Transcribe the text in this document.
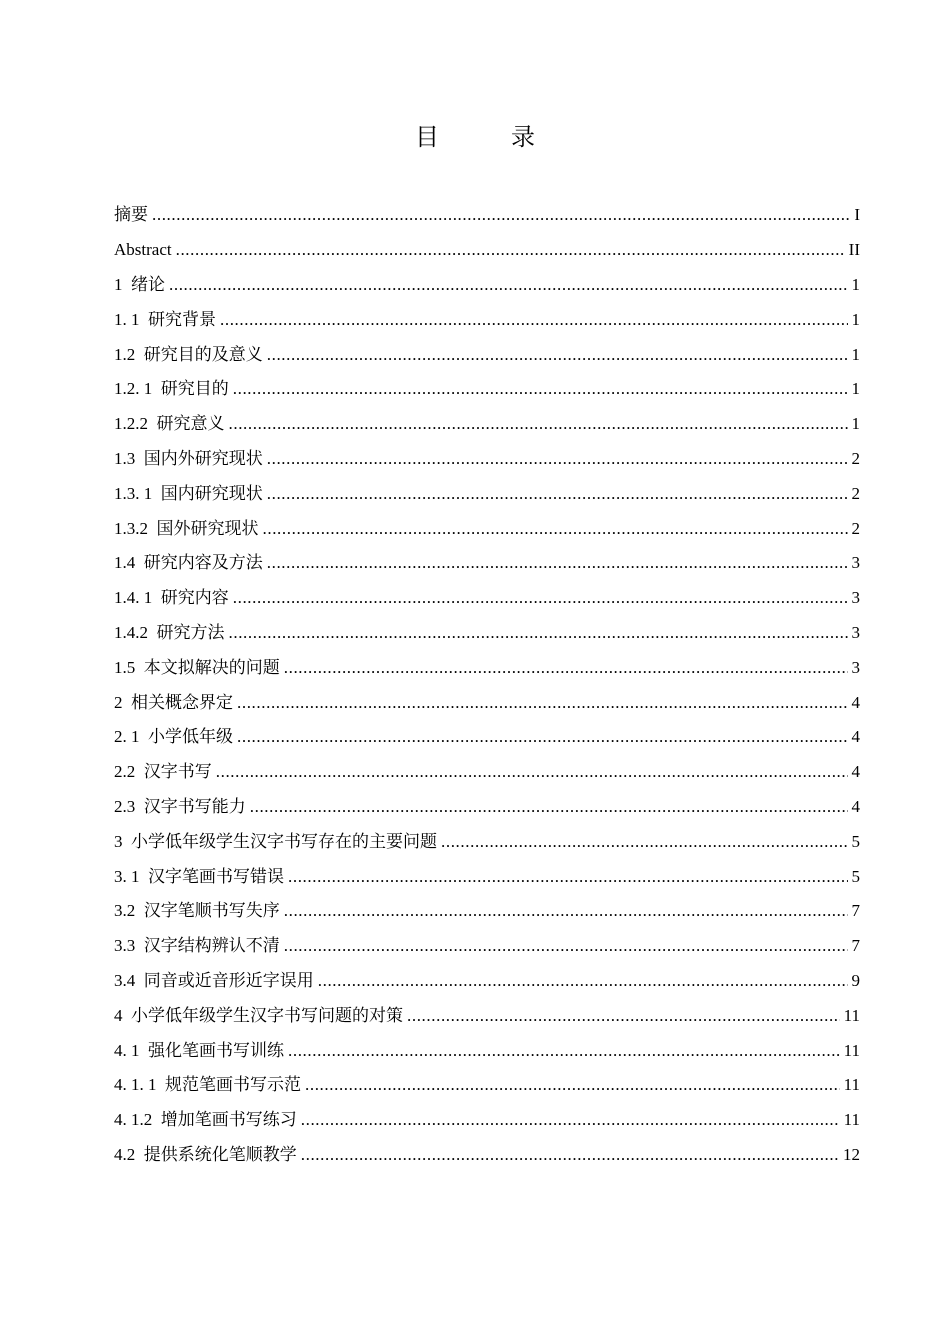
目　录
摘要 .....	I
Abstract .....	II
1  绪论 .....	1
1. 1  研究背景 .....	1
1.2  研究目的及意义 .....	1
1.2. 1  研究目的 .....	1
1.2.2  研究意义 .....	1
1.3  国内外研究现状 .....	2
1.3. 1  国内研究现状 .....	2
1.3.2  国外研究现状 .....	2
1.4  研究内容及方法 .....	3
1.4. 1  研究内容 .....	3
1.4.2  研究方法 .....	3
1.5  本文拟解决的问题 .....	3
2  相关概念界定 .....	4
2. 1  小学低年级 .....	4
2.2  汉字书写 .....	4
2.3  汉字书写能力 .....	4
3  小学低年级学生汉字书写存在的主要问题 .....	5
3. 1  汉字笔画书写错误 .....	5
3.2  汉字笔顺书写失序 .....	7
3.3  汉字结构辨认不清 .....	7
3.4  同音或近音形近字误用 .....	9
4  小学低年级学生汉字书写问题的对策 .....	11
4. 1  强化笔画书写训练 .....	11
4. 1. 1  规范笔画书写示范 .....	11
4. 1.2  增加笔画书写练习 .....	11
4.2  提供系统化笔顺教学 .....	12
